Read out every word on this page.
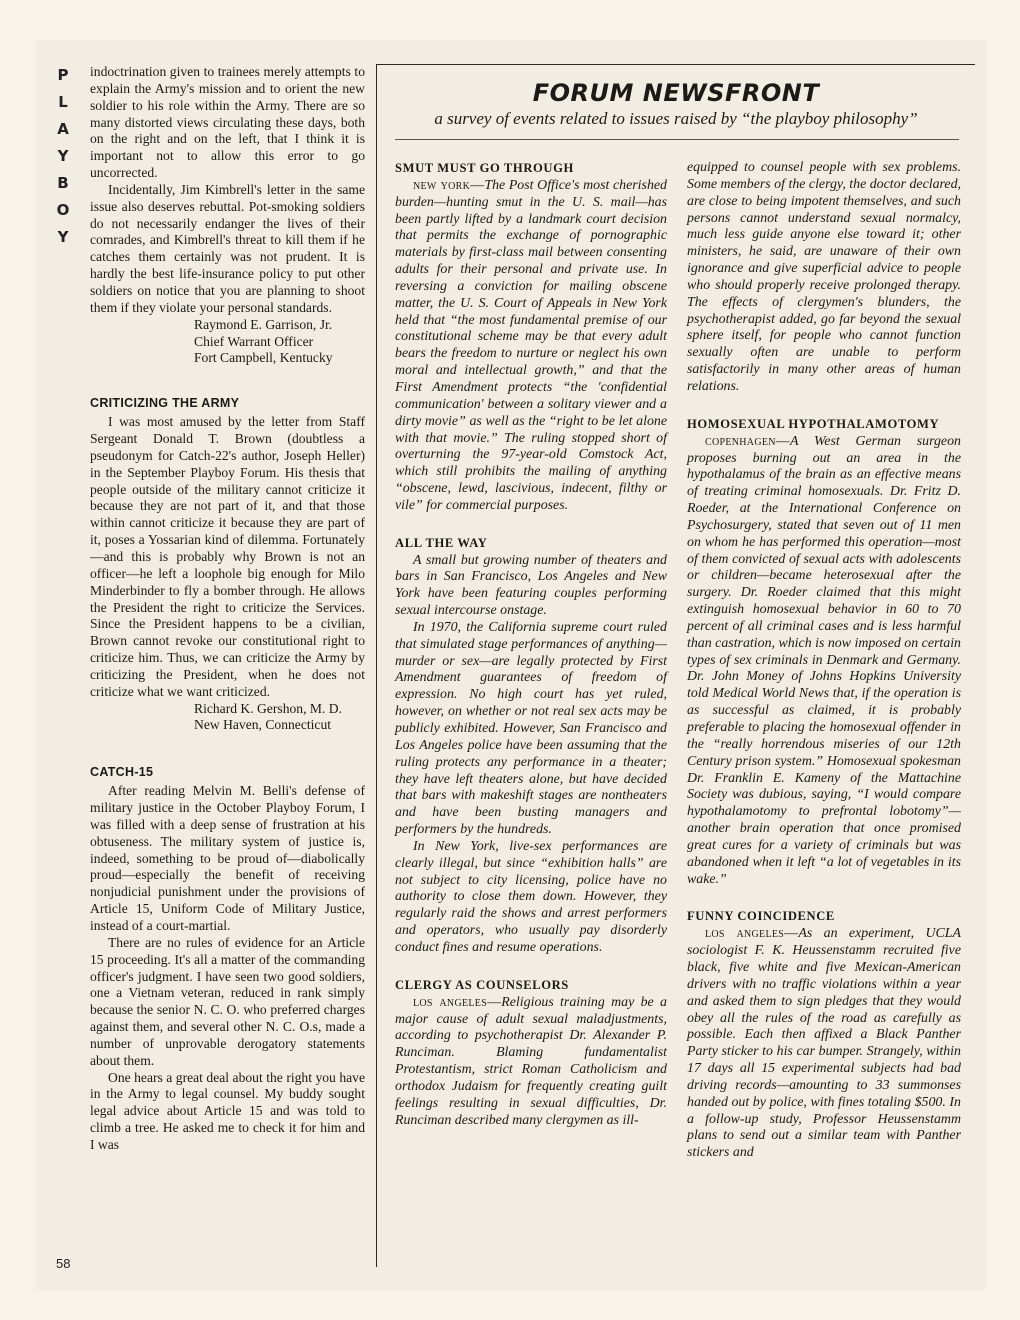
P
L
A
Y
B
O
Y
58

indoctrination given to trainees merely attempts to explain the Army's mission and to orient the new soldier to his role within the Army. There are so many distorted views circulating these days, both on the right and on the left, that I think it is important not to allow this error to go uncorrected.

Incidentally, Jim Kimbrell's letter in the same issue also deserves rebuttal. Pot-smoking soldiers do not necessarily endanger the lives of their comrades, and Kimbrell's threat to kill them if he catches them certainly was not prudent. It is hardly the best life-insurance policy to put other soldiers on notice that you are planning to shoot them if they violate your personal standards.

Raymond E. Garrison, Jr.
Chief Warrant Officer
Fort Campbell, Kentucky
CRITICIZING THE ARMY

I was most amused by the letter from Staff Sergeant Donald T. Brown (doubtless a pseudonym for Catch-22's author, Joseph Heller) in the September Playboy Forum. His thesis that people outside of the military cannot criticize it because they are not part of it, and that those within cannot criticize it because they are part of it, poses a Yossarian kind of dilemma. Fortunately—and this is probably why Brown is not an officer—he left a loophole big enough for Milo Minderbinder to fly a bomber through. He allows the President the right to criticize the Services. Since the President happens to be a civilian, Brown cannot revoke our constitutional right to criticize him. Thus, we can criticize the Army by criticizing the President, when he does not criticize what we want criticized.

Richard K. Gershon, M. D.
New Haven, Connecticut
CATCH-15

After reading Melvin M. Belli's defense of military justice in the October Playboy Forum, I was filled with a deep sense of frustration at his obtuseness. The military system of justice is, indeed, something to be proud of—diabolically proud—especially the benefit of receiving nonjudicial punishment under the provisions of Article 15, Uniform Code of Military Justice, instead of a court-martial.

There are no rules of evidence for an Article 15 proceeding. It's all a matter of the commanding officer's judgment. I have seen two good soldiers, one a Vietnam veteran, reduced in rank simply because the senior N. C. O. who preferred charges against them, and several other N. C. O.s, made a number of unprovable derogatory statements about them.

One hears a great deal about the right you have in the Army to legal counsel. My buddy sought legal advice about Article 15 and was told to climb a tree. He asked me to check it for him and I was

FORUM NEWSFRONT
a survey of events related to issues raised by “the playboy philosophy”
SMUT MUST GO THROUGH

new york—The Post Office's most cherished burden—hunting smut in the U. S. mail—has been partly lifted by a landmark court decision that permits the exchange of pornographic materials by first-class mail between consenting adults for their personal and private use. In reversing a conviction for mailing obscene matter, the U. S. Court of Appeals in New York held that “the most fundamental premise of our constitutional scheme may be that every adult bears the freedom to nurture or neglect his own moral and intellectual growth,” and that the First Amendment protects “the 'confidential communication' between a solitary viewer and a dirty movie” as well as the “right to be let alone with that movie.” The ruling stopped short of overturning the 97-year-old Comstock Act, which still prohibits the mailing of anything “obscene, lewd, lascivious, indecent, filthy or vile” for commercial purposes.

ALL THE WAY

A small but growing number of theaters and bars in San Francisco, Los Angeles and New York have been featuring couples performing sexual intercourse onstage.

In 1970, the California supreme court ruled that simulated stage performances of anything—murder or sex—are legally protected by First Amendment guarantees of freedom of expression. No high court has yet ruled, however, on whether or not real sex acts may be publicly exhibited. However, San Francisco and Los Angeles police have been assuming that the ruling protects any performance in a theater; they have left theaters alone, but have decided that bars with makeshift stages are nontheaters and have been busting managers and performers by the hundreds.

In New York, live-sex performances are clearly illegal, but since “exhibition halls” are not subject to city licensing, police have no authority to close them down. However, they regularly raid the shows and arrest performers and operators, who usually pay disorderly conduct fines and resume operations.

CLERGY AS COUNSELORS

los angeles—Religious training may be a major cause of adult sexual maladjustments, according to psychotherapist Dr. Alexander P. Runciman. Blaming fundamentalist Protestantism, strict Roman Catholicism and orthodox Judaism for frequently creating guilt feelings resulting in sexual difficulties, Dr. Runciman described many clergymen as ill-

equipped to counsel people with sex problems. Some members of the clergy, the doctor declared, are close to being impotent themselves, and such persons cannot understand sexual normalcy, much less guide anyone else toward it; other ministers, he said, are unaware of their own ignorance and give superficial advice to people who should properly receive prolonged therapy. The effects of clergymen's blunders, the psychotherapist added, go far beyond the sexual sphere itself, for people who cannot function sexually often are unable to perform satisfactorily in many other areas of human relations.

HOMOSEXUAL HYPOTHALAMOTOMY

copenhagen—A West German surgeon proposes burning out an area in the hypothalamus of the brain as an effective means of treating criminal homosexuals. Dr. Fritz D. Roeder, at the International Conference on Psychosurgery, stated that seven out of 11 men on whom he has performed this operation—most of them convicted of sexual acts with adolescents or children—became heterosexual after the surgery. Dr. Roeder claimed that this might extinguish homosexual behavior in 60 to 70 percent of all criminal cases and is less harmful than castration, which is now imposed on certain types of sex criminals in Denmark and Germany. Dr. John Money of Johns Hopkins University told Medical World News that, if the operation is as successful as claimed, it is probably preferable to placing the homosexual offender in the “really horrendous miseries of our 12th Century prison system.” Homosexual spokesman Dr. Franklin E. Kameny of the Mattachine Society was dubious, saying, “I would compare hypothalamotomy to prefrontal lobotomy”—another brain operation that once promised great cures for a variety of criminals but was abandoned when it left “a lot of vegetables in its wake.”

FUNNY COINCIDENCE

los angeles—As an experiment, UCLA sociologist F. K. Heussenstamm recruited five black, five white and five Mexican-American drivers with no traffic violations within a year and asked them to sign pledges that they would obey all the rules of the road as carefully as possible. Each then affixed a Black Panther Party sticker to his car bumper. Strangely, within 17 days all 15 experimental subjects had bad driving records—amounting to 33 summonses handed out by police, with fines totaling $500. In a follow-up study, Professor Heussenstamm plans to send out a similar team with Panther stickers and
